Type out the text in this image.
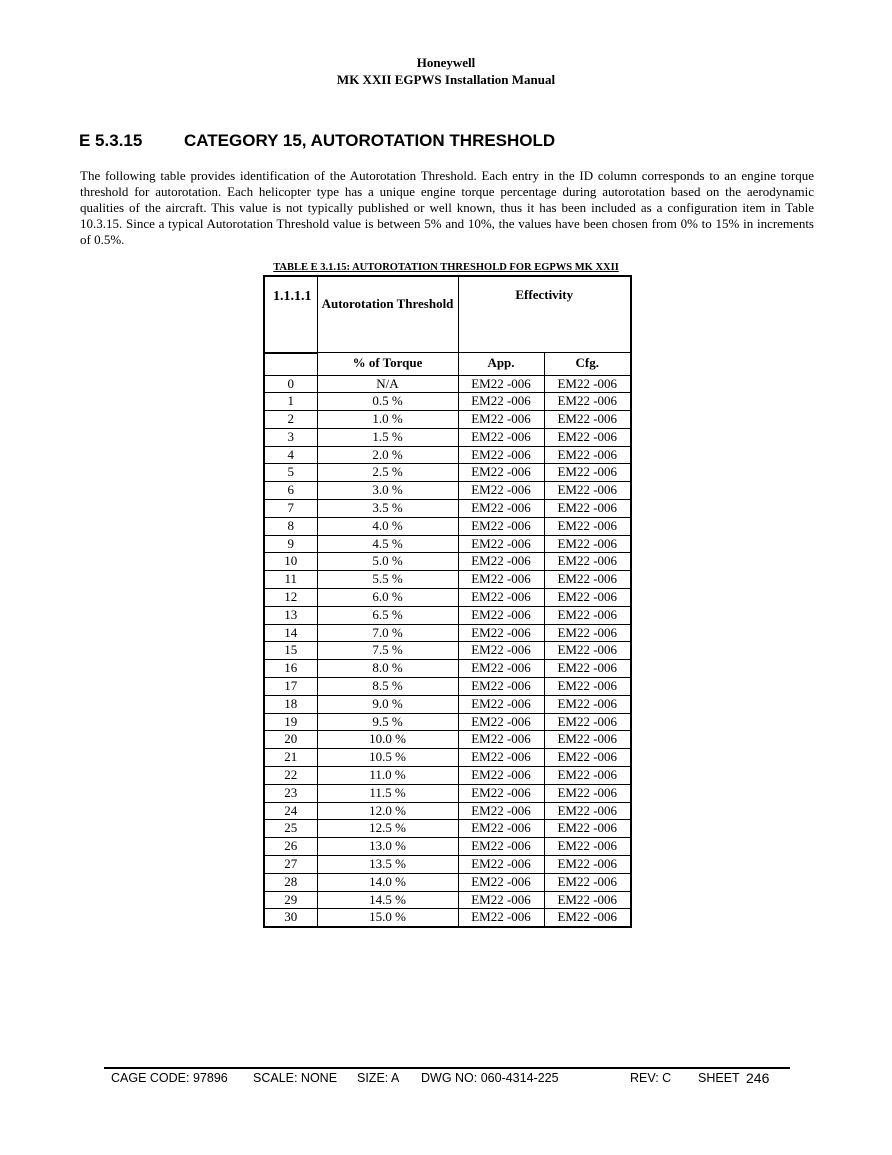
Honeywell
MK XXII EGPWS Installation Manual
E 5.3.15 CATEGORY 15, AUTOROTATION THRESHOLD

The following table provides identification of the Autorotation Threshold. Each entry in the ID column corresponds to an engine torque threshold for autorotation. Each helicopter type has a unique engine torque percentage during autorotation based on the aerodynamic qualities of the aircraft. This value is not typically published or well known, thus it has been included as a configuration item in Table 10.3.15. Since a typical Autorotation Threshold value is between 5% and 10%, the values have been chosen from 0% to 15% in increments of 0.5%.

TABLE E 3.1.15: AUTOROTATION THRESHOLD FOR EGPWS MK XXII
1.1.1.1	Autorotation Threshold	Effectivity	
	% of Torque	App.	Cfg.
0	N/A	EM22 -006	EM22 -006
1	0.5 %	EM22 -006	EM22 -006
2	1.0 %	EM22 -006	EM22 -006
3	1.5 %	EM22 -006	EM22 -006
4	2.0 %	EM22 -006	EM22 -006
5	2.5 %	EM22 -006	EM22 -006
6	3.0 %	EM22 -006	EM22 -006
7	3.5 %	EM22 -006	EM22 -006
8	4.0 %	EM22 -006	EM22 -006
9	4.5 %	EM22 -006	EM22 -006
10	5.0 %	EM22 -006	EM22 -006
11	5.5 %	EM22 -006	EM22 -006
12	6.0 %	EM22 -006	EM22 -006
13	6.5 %	EM22 -006	EM22 -006
14	7.0 %	EM22 -006	EM22 -006
15	7.5 %	EM22 -006	EM22 -006
16	8.0 %	EM22 -006	EM22 -006
17	8.5 %	EM22 -006	EM22 -006
18	9.0 %	EM22 -006	EM22 -006
19	9.5 %	EM22 -006	EM22 -006
20	10.0 %	EM22 -006	EM22 -006
21	10.5 %	EM22 -006	EM22 -006
22	11.0 %	EM22 -006	EM22 -006
23	11.5 %	EM22 -006	EM22 -006
24	12.0 %	EM22 -006	EM22 -006
25	12.5 %	EM22 -006	EM22 -006
26	13.0 %	EM22 -006	EM22 -006
27	13.5 %	EM22 -006	EM22 -006
28	14.0 %	EM22 -006	EM22 -006
29	14.5 %	EM22 -006	EM22 -006
30	15.0 %	EM22 -006	EM22 -006
CAGE CODE: 97896 SCALE: NONE SIZE: A DWG NO: 060-4314-225	REV: C SHEET 246
